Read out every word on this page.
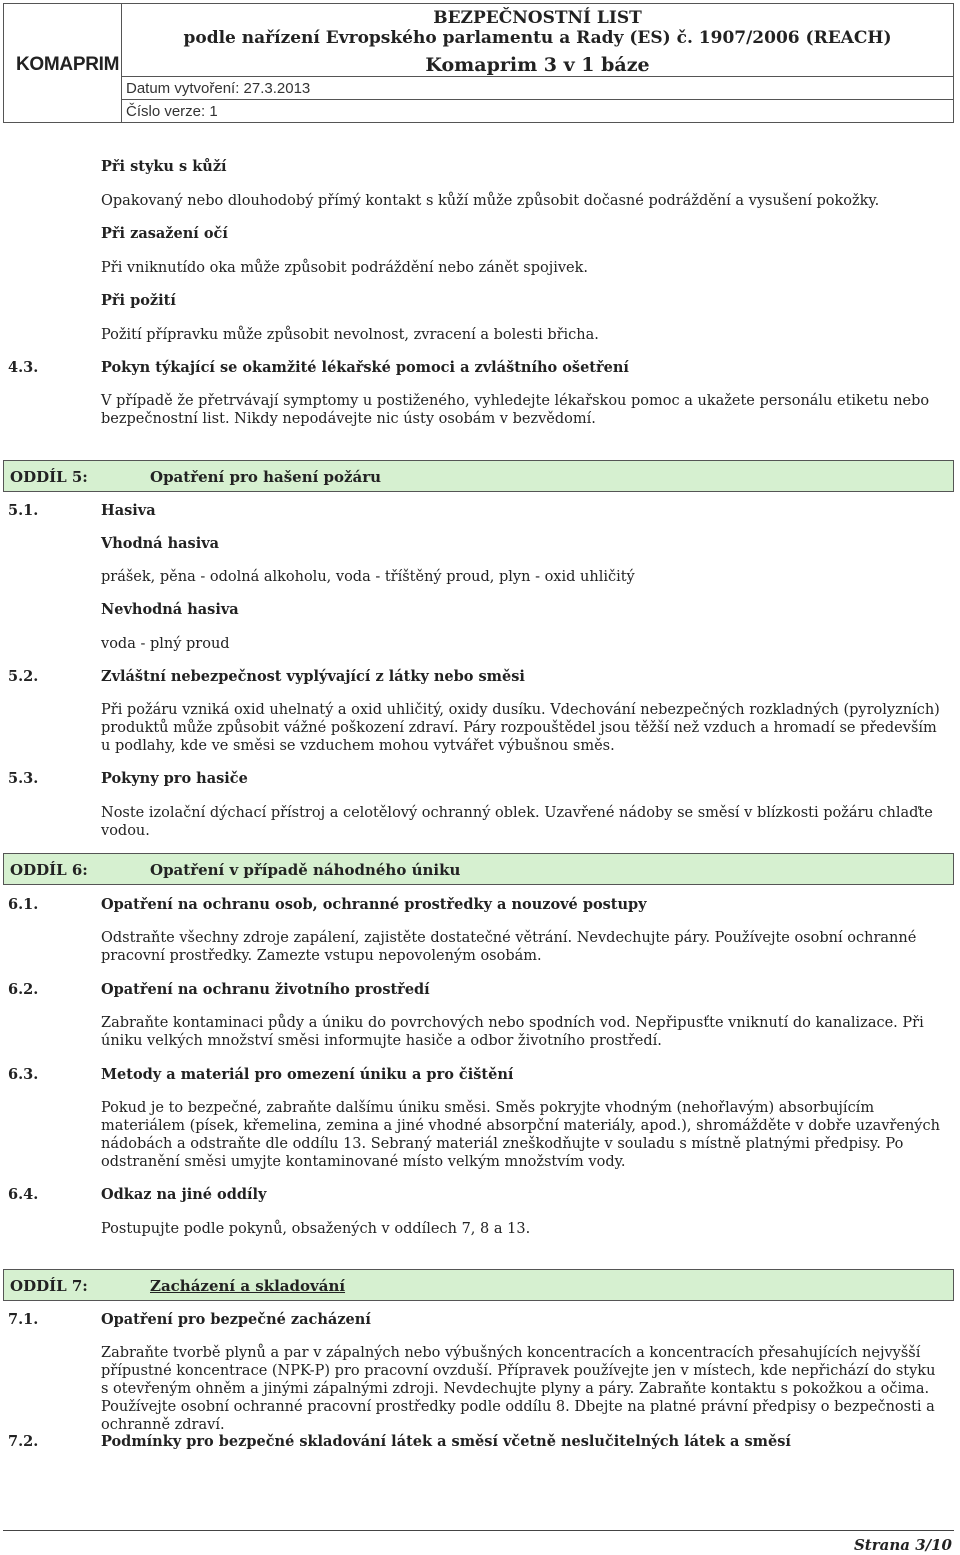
KOMAPRIM
BEZPEČNOSTNÍ LIST
podle nařízení Evropského parlamentu a Rady (ES) č. 1907/2006 (REACH)
Komaprim 3 v 1 báze
Datum vytvoření: 27.3.2013
Číslo verze: 1
Při styku s kůží
Opakovaný nebo dlouhodobý přímý kontakt s kůží může způsobit dočasné podráždění a vysušení pokožky.
Při zasažení očí
Při vniknutído oka může způsobit podráždění nebo zánět spojivek.
Při požití
Požití přípravku může způsobit nevolnost, zvracení a bolesti břicha.
4.3.	Pokyn týkající se okamžité lékařské pomoci a zvláštního ošetření
V případě že přetrvávají symptomy u postiženého, vyhledejte lékařskou pomoc a ukažete personálu etiketu nebo bezpečnostní list. Nikdy nepodávejte nic ústy osobám v bezvědomí.
ODDÍL 5:	Opatření pro hašení požáru
5.1.	Hasiva
Vhodná hasiva
prášek, pěna - odolná alkoholu, voda - tříštěný proud, plyn - oxid uhličitý
Nevhodná hasiva
voda - plný proud
5.2.	Zvláštní nebezpečnost vyplývající z látky nebo směsi
Při požáru vzniká oxid uhelnatý a oxid uhličitý, oxidy dusíku. Vdechování nebezpečných rozkladných (pyrolyzních) produktů může způsobit vážné poškození zdraví. Páry rozpouštědel jsou těžší než vzduch a hromadí se především u podlahy, kde ve směsi se vzduchem mohou vytvářet výbušnou směs.
5.3.	Pokyny pro hasiče
Noste izolační dýchací přístroj a celotělový ochranný oblek. Uzavřené nádoby se směsí v blízkosti požáru chlaďte vodou.
ODDÍL 6:	Opatření v případě náhodného úniku
6.1.	Opatření na ochranu osob, ochranné prostředky a nouzové postupy
Odstraňte všechny zdroje zapálení, zajistěte dostatečné větrání. Nevdechujte páry. Používejte osobní ochranné pracovní prostředky. Zamezte vstupu nepovoleným osobám.
6.2.	Opatření na ochranu životního prostředí
Zabraňte kontaminaci půdy a úniku do povrchových nebo spodních vod. Nepřipusťte vniknutí do kanalizace. Při úniku velkých množství směsi informujte hasiče a odbor životního prostředí.
6.3.	Metody a materiál pro omezení úniku a pro čištění
Pokud je to bezpečné, zabraňte dalšímu úniku směsi. Směs pokryjte vhodným (nehořlavým) absorbujícím materiálem (písek, křemelina, zemina a jiné vhodné absorpční materiály, apod.), shromážděte v dobře uzavřených nádobách a odstraňte dle oddílu 13. Sebraný materiál zneškodňujte v souladu s místně platnými předpisy. Po odstranění směsi umyjte kontaminované místo velkým množstvím vody.
6.4.	Odkaz na jiné oddíly
Postupujte podle pokynů, obsažených v oddílech 7, 8 a 13.
ODDÍL 7:	Zacházení a skladování
7.1.	Opatření pro bezpečné zacházení
Zabraňte tvorbě plynů a par v zápalných nebo výbušných koncentracích a koncentracích přesahujících nejvyšší přípustné koncentrace (NPK-P) pro pracovní ovzduší. Přípravek používejte jen v místech, kde nepřichází do styku s otevřeným ohněm a jinými zápalnými zdroji. Nevdechujte plyny a páry. Zabraňte kontaktu s pokožkou a očima. Používejte osobní ochranné pracovní prostředky podle oddílu 8. Dbejte na platné právní předpisy o bezpečnosti a ochranně zdraví.
7.2.	Podmínky pro bezpečné skladování látek a směsí včetně neslučitelných látek a směsí
Strana 3/10
